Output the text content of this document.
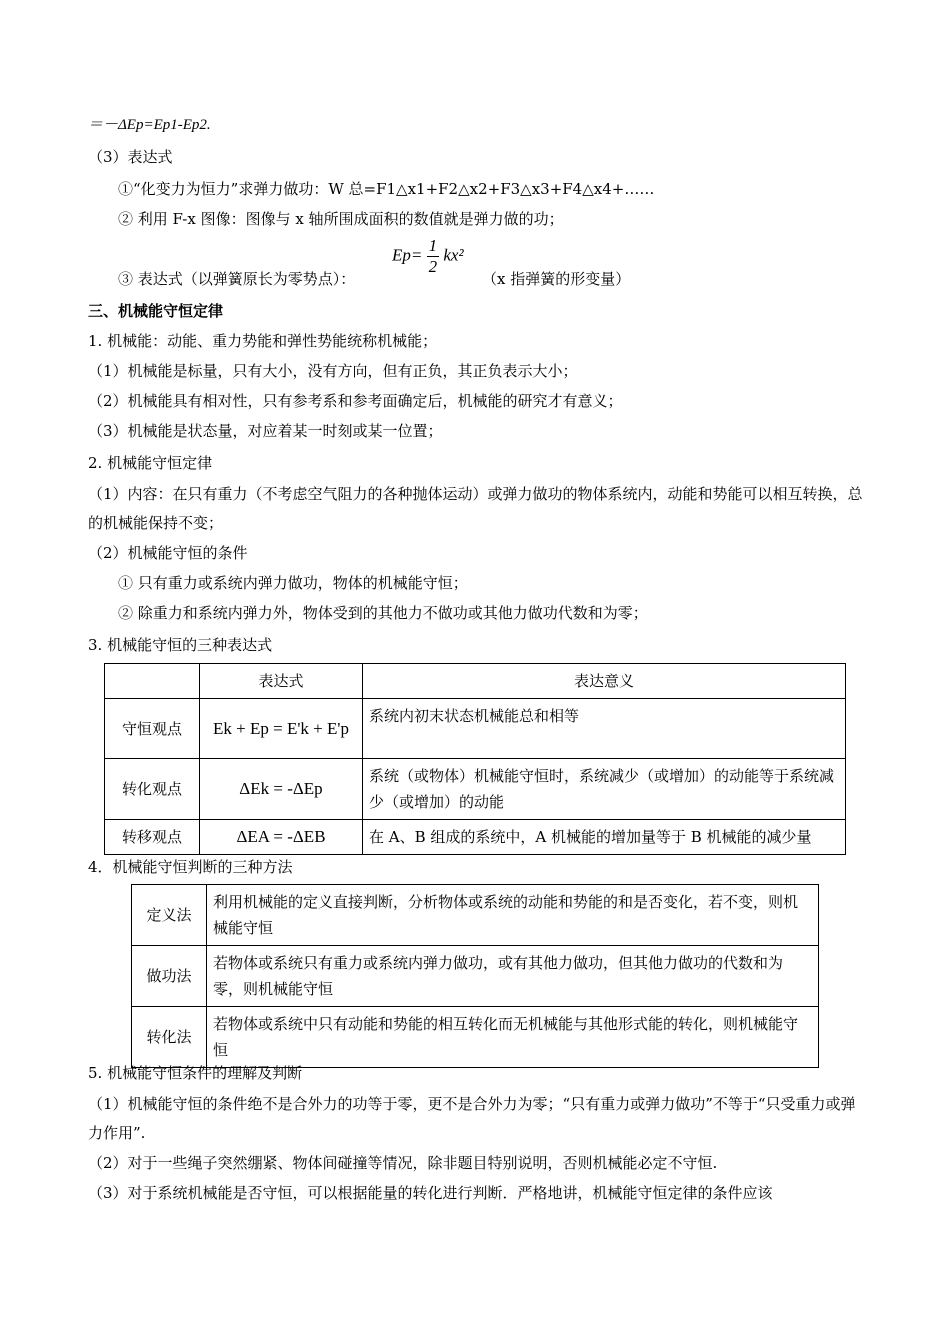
＝－ΔEp=Ep1-Ep2.
（3）表达式
①“化变力为恒力”求弹力做功：W 总=F1△x1+F2△x2+F3△x3+F4△x4+……
② 利用 F-x 图像：图像与 x 轴所围成面积的数值就是弹力做的功；
③ 表达式（以弹簧原长为零势点）：
$Ep= \frac{1}{2} kx^2$
（x 指弹簧的形变量）
三、机械能守恒定律
1. 机械能：动能、重力势能和弹性势能统称机械能；
（1）机械能是标量，只有大小，没有方向，但有正负，其正负表示大小；
（2）机械能具有相对性，只有参考系和参考面确定后，机械能的研究才有意义；
（3）机械能是状态量，对应着某一时刻或某一位置；
2. 机械能守恒定律
（1）内容：在只有重力（不考虑空气阻力的各种抛体运动）或弹力做功的物体系统内，动能和势能可以相互转换，总的机械能保持不变；
（2）机械能守恒的条件
① 只有重力或系统内弹力做功，物体的机械能守恒；
② 除重力和系统内弹力外，物体受到的其他力不做功或其他力做功代数和为零；
3. 机械能守恒的三种表达式
	表达式	表达意义
守恒观点	Ek + Ep = E'k + E'p	系统内初末状态机械能总和相等
转化观点	ΔEk = -ΔEp	系统（或物体）机械能守恒时，系统减少（或增加）的动能等于系统减少（或增加）的动能
转移观点	ΔEA = -ΔEB	在 A、B 组成的系统中，A 机械能的增加量等于 B 机械能的减少量
4．机械能守恒判断的三种方法
定义法	利用机械能的定义直接判断，分析物体或系统的动能和势能的和是否变化，若不变，则机械能守恒
做功法	若物体或系统只有重力或系统内弹力做功，或有其他力做功，但其他力做功的代数和为零，则机械能守恒
转化法	若物体或系统中只有动能和势能的相互转化而无机械能与其他形式能的转化，则机械能守恒
5. 机械能守恒条件的理解及判断
（1）机械能守恒的条件绝不是合外力的功等于零，更不是合外力为零；“只有重力或弹力做功”不等于“只受重力或弹力作用”.
（2）对于一些绳子突然绷紧、物体间碰撞等情况，除非题目特别说明，否则机械能必定不守恒.
（3）对于系统机械能是否守恒，可以根据能量的转化进行判断．严格地讲，机械能守恒定律的条件应该
